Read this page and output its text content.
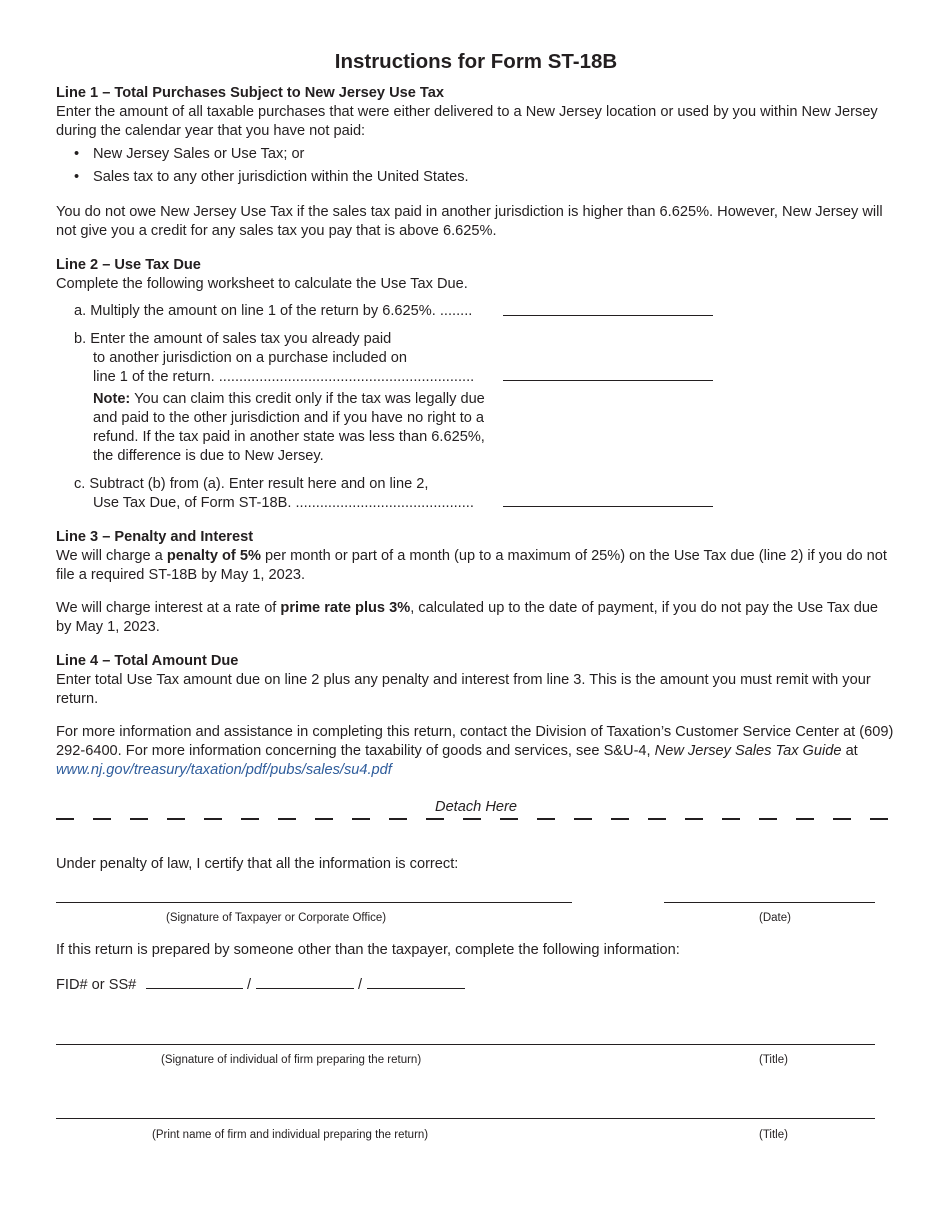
Instructions for Form ST-18B
Line 1 – Total Purchases Subject to New Jersey Use Tax

Enter the amount of all taxable purchases that were either delivered to a New Jersey location or used by you within New Jersey during the calendar year that you have not paid:

• New Jersey Sales or Use Tax; or
• Sales tax to any other jurisdiction within the United States.

You do not owe New Jersey Use Tax if the sales tax paid in another jurisdiction is higher than 6.625%. However, New Jersey will not give you a credit for any sales tax you pay that is above 6.625%.

Line 2 – Use Tax Due

Complete the following worksheet to calculate the Use Tax Due.

a. Multiply the amount on line 1 of the return by 6.625%. ........
b. Enter the amount of sales tax you already paid
to another jurisdiction on a purchase included on
line 1 of the return. ...............................................................
Note: You can claim this credit only if the tax was legally due and paid to the other jurisdiction and if you have no right to a refund. If the tax paid in another state was less than 6.625%, the difference is due to New Jersey.
c. Subtract (b) from (a). Enter result here and on line 2,
Use Tax Due, of Form ST-18B. ............................................
Line 3 – Penalty and Interest

We will charge a penalty of 5% per month or part of a month (up to a maximum of 25%) on the Use Tax due (line 2) if you do not file a required ST-18B by May 1, 2023.

We will charge interest at a rate of prime rate plus 3%, calculated up to the date of payment, if you do not pay the Use Tax due by May 1, 2023.

Line 4 – Total Amount Due

Enter total Use Tax amount due on line 2 plus any penalty and interest from line 3. This is the amount you must remit with your return.

For more information and assistance in completing this return, contact the Division of Taxation’s Customer Service Center at (609) 292-6400. For more information concerning the taxability of goods and services, see S&U-4, New Jersey Sales Tax Guide at www.nj.gov/treasury/taxation/pdf/pubs/sales/su4.pdf

Detach Here

Under penalty of law, I certify that all the information is correct:

(Signature of Taxpayer or Corporate Office)	(Date)

If this return is prepared by someone other than the taxpayer, complete the following information:

FID# or SS#	/	/
(Signature of individual of firm preparing the return)	(Title)
(Print name of firm and individual preparing the return)	(Title)
